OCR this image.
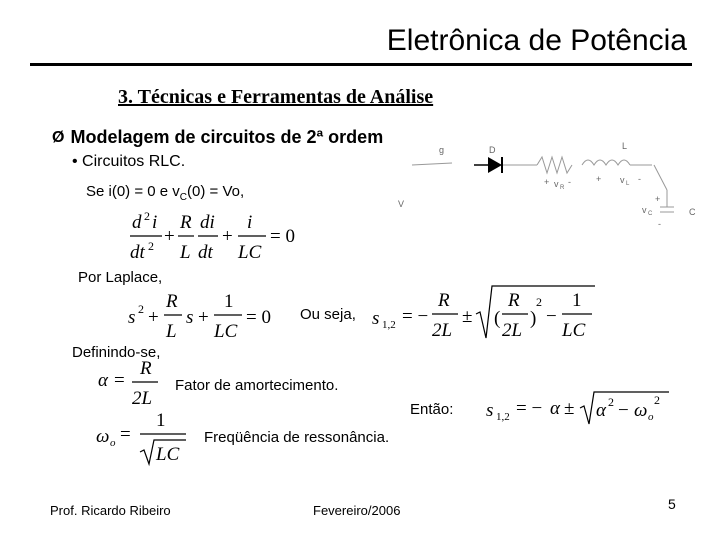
Eletrônica de Potência
3. Técnicas e Ferramentas de Análise
Ø Modelagem de circuitos de 2ª ordem
• Circuitos RLC.
Se i(0) = 0 e $v_C(0) = Vo$,
d 2 i
dt 2 +
R
L
di
dt
+
i
LC
= 0
g	D	L
+ v R
-	+ v L -
+
v C
-
C
V
Por Laplace,
s 2 +
R
L
s +
1
LC
= 0 Ou seja, s 1,2 = −
R
2L
± (
R
2L
)
2
−
1
LC
Definindo-se,
α =
R
2L
Fator de amortecimento.
Então: s 1,2 = − α ± α 2 − ω o
2
ω o =
1
LC
Freqüência de ressonância.
Prof. Ricardo Ribeiro	Fevereiro/2006	5
